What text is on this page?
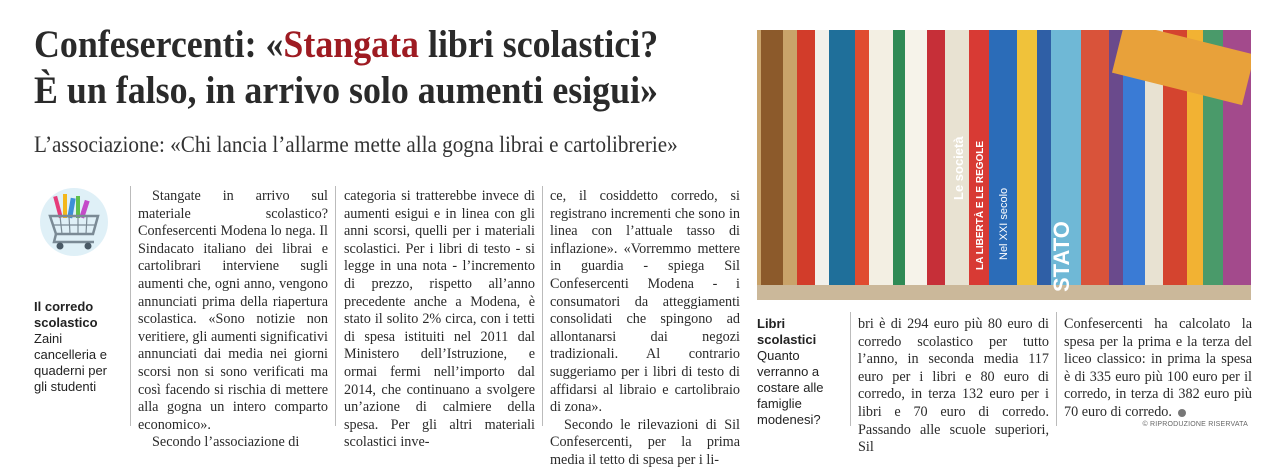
Confesercenti: «Stangata libri scolastici?
È un falso, in arrivo solo aumenti esigui»
L’associazione: «Chi lancia l’allarme mette alla gogna librai e cartolibrerie»
Il corredo scolastico
Zaini cancelleria e quaderni per gli studenti

Stangate in arrivo sul materiale scolastico? Confesercenti Modena lo nega. Il Sindacato italiano dei librai e cartolibrari interviene sugli aumenti che, ogni anno, vengono annunciati prima della riapertura scolastica. «Sono notizie non veritiere, gli aumenti significativi annunciati dai media nei giorni scorsi non si sono verificati ma così facendo si rischia di mettere alla gogna un intero comparto economico».

Secondo l’associazione di

categoria si tratterebbe invece di aumenti esigui e in linea con gli anni scorsi, quelli per i materiali scolastici. Per i libri di testo - si legge in una nota - l’incremento di prezzo, rispetto all’anno precedente anche a Modena, è stato il solito 2% circa, con i tetti di spesa istituiti nel 2011 dal Ministero dell’Istruzione, e ormai fermi nell’importo dal 2014, che continuano a svolgere un’azione di calmiere della spesa. Per gli altri materiali scolastici inve-

ce, il cosiddetto corredo, si registrano incrementi che sono in linea con l’attuale tasso di inflazione». «Vorremmo mettere in guardia - spiega Sil Confesercenti Modena - i consumatori da atteggiamenti consolidati che spingono ad allontanarsi dai negozi tradizionali. Al contrario suggeriamo per i libri di testo di affidarsi al libraio e cartolibraio di zona».

Secondo le rilevazioni di Sil Confesercenti, per la prima media il tetto di spesa per i li-

bri è di 294 euro più 80 euro di corredo scolastico per tutto l’anno, in seconda media 117 euro per i libri e 80 euro di corredo, in terza 132 euro per i libri e 70 euro di corredo. Passando alle scuole superiori, Sil

Confesercenti ha calcolato la spesa per la prima e la terza del liceo classico: in prima la spesa è di 335 euro più 100 euro per il corredo, in terza di 382 euro più 70 euro di corredo.

Le società LA LIBERTÀ E LE REGOLE Nel XXI secolo STATO
Libri scolastici
Quanto verranno a costare alle famiglie modenesi?	© RIPRODUZIONE RISERVATA
